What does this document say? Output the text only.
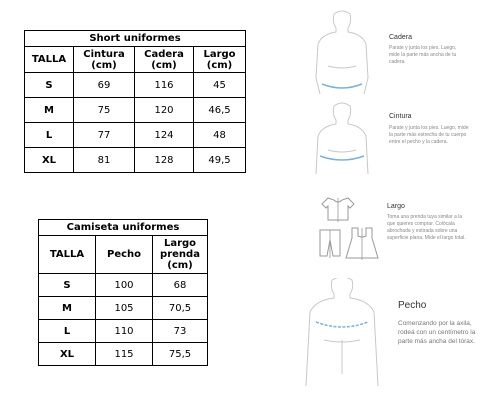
Short uniformes
TALLA	Cintura (cm)	Cadera (cm)	Largo (cm)
S	69	116	45
M	75	120	46,5
L	77	124	48
XL	81	128	49,5
Camiseta uniformes
TALLA	Pecho	Largo prenda (cm)
S	100	68
M	105	70,5
L	110	73
XL	115	75,5
Cadera
Parate y junta los pies. Luego, mide la parte más ancha de tu cadera.
Cintura
Parate y junta los pies. Luego, mide la parte más estrecha de tu cuerpo entre el pecho y la cadera.
Largo
Toma una prenda tuya similar a la que quieres comprar. Colócala abrochada y estirada sobre una superficie plana. Mide el largo total.
Pecho
Comenzando por la axila, rodeá con un centímetro la parte más ancha del tórax.
